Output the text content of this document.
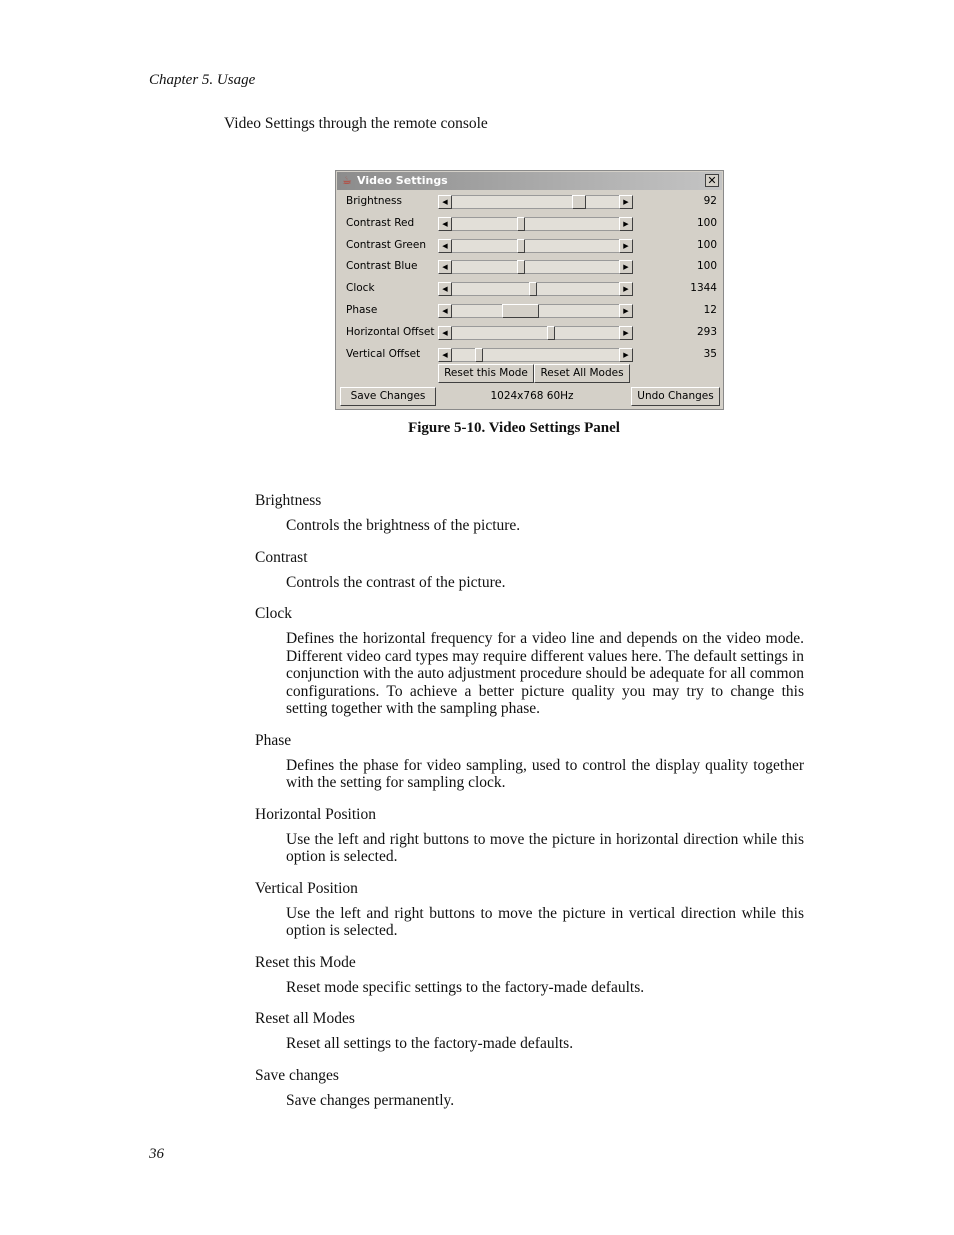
Chapter 5. Usage
Video Settings through the remote console
☕ Video Settings	✕
Brightness	◀	▶	92
Contrast Red	◀	▶	100
Contrast Green	◀	▶	100
Contrast Blue	◀	▶	100
Clock	◀	▶	1344
Phase	◀	▶	12
Horizontal Offset	◀	▶	293
Vertical Offset	◀	▶	35
Reset this Mode	Reset All Modes
Save Changes	1024x768 60Hz	Undo Changes
Figure 5-10. Video Settings Panel

Brightness

Controls the brightness of the picture.

Contrast

Controls the contrast of the picture.

Clock

Defines the horizontal frequency for a video line and depends on the video mode. Different video card types may require different values here. The default settings in conjunction with the auto adjustment procedure should be adequate for all common configurations. To achieve a better picture quality you may try to change this setting together with the sampling phase.

Phase

Defines the phase for video sampling, used to control the display quality together with the setting for sampling clock.

Horizontal Position

Use the left and right buttons to move the picture in horizontal direction while this option is selected.

Vertical Position

Use the left and right buttons to move the picture in vertical direction while this option is selected.

Reset this Mode

Reset mode specific settings to the factory-made defaults.

Reset all Modes

Reset all settings to the factory-made defaults.

Save changes

Save changes permanently.

36
